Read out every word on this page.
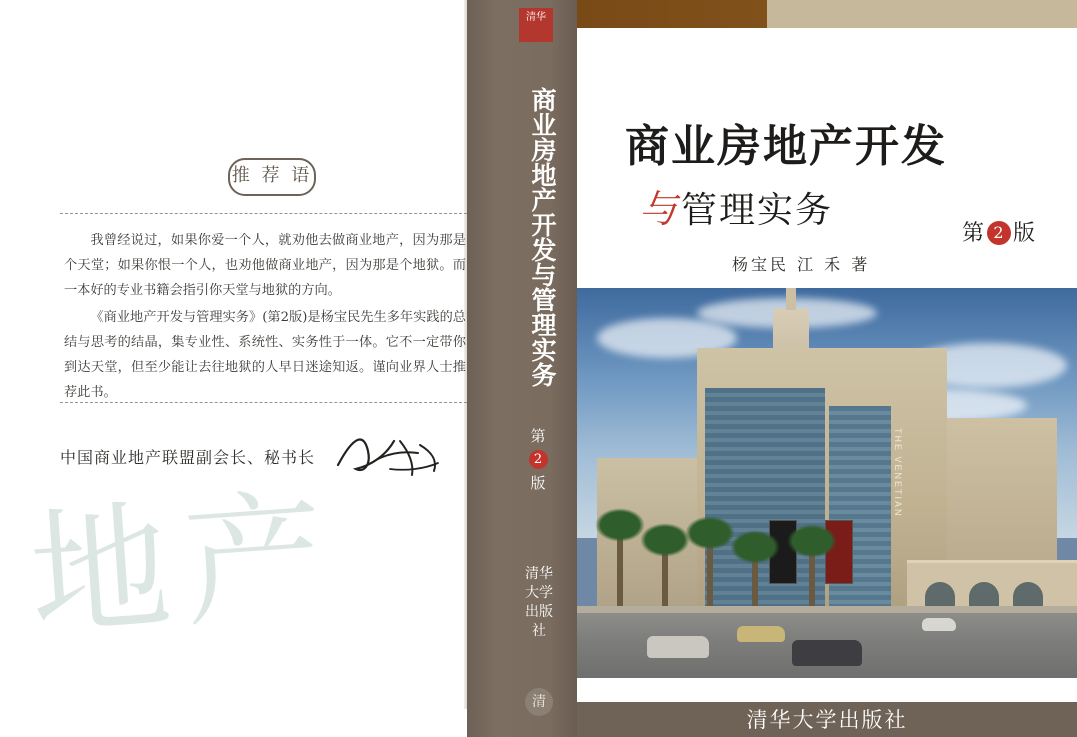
推 荐 语

我曾经说过，如果你爱一个人，就劝他去做商业地产，因为那是个天堂；如果你恨一个人，也劝他做商业地产，因为那是个地狱。而一本好的专业书籍会指引你天堂与地狱的方向。

《商业地产开发与管理实务》(第2版)是杨宝民先生多年实践的总结与思考的结晶，集专业性、系统性、实务性于一体。它不一定带你到达天堂，但至少能让去往地狱的人早日迷途知返。谨向业界人士推荐此书。

中国商业地产联盟副会长、秘书长
地产
清华
商业房地产开发与管理实务
第
2
版
清华大学出版社
清
商业房地产开发
与管理实务
第 2 版
杨宝民 江 禾 著
THE VENETIAN
清华大学出版社
